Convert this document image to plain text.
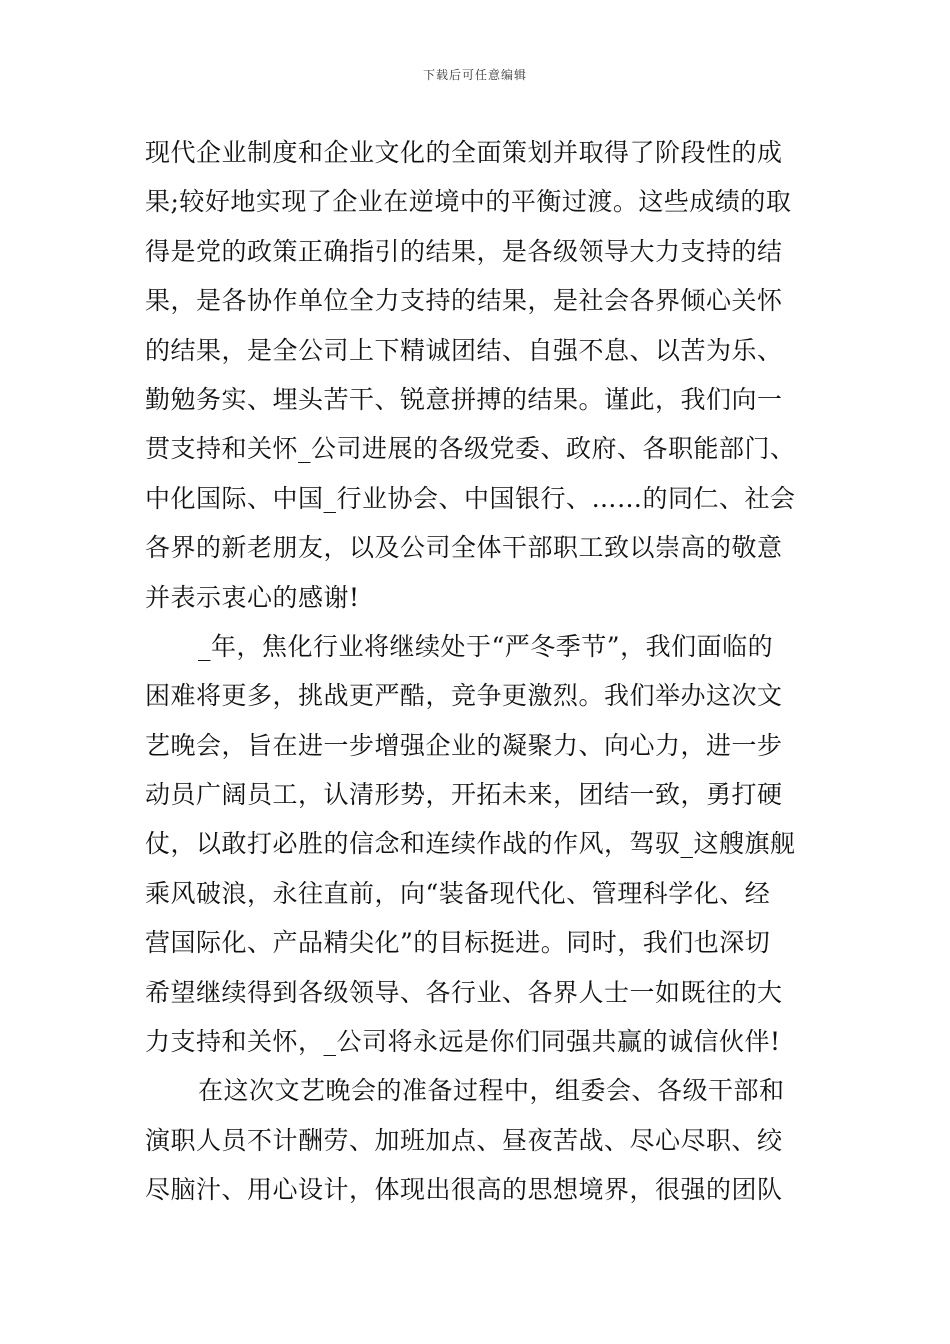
下载后可任意编辑
现代企业制度和企业文化的全面策划并取得了阶段性的成
果;较好地实现了企业在逆境中的平衡过渡。这些成绩的取
得是党的政策正确指引的结果，是各级领导大力支持的结
果，是各协作单位全力支持的结果，是社会各界倾心关怀
的结果，是全公司上下精诚团结、自强不息、以苦为乐、
勤勉务实、埋头苦干、锐意拼搏的结果。谨此，我们向一
贯支持和关怀_公司进展的各级党委、政府、各职能部门、
中化国际、中国_行业协会、中国银行、……的同仁、社会
各界的新老朋友，以及公司全体干部职工致以崇高的敬意
并表示衷心的感谢!
_年，焦化行业将继续处于“严冬季节”，我们面临的
困难将更多，挑战更严酷，竞争更激烈。我们举办这次文
艺晚会，旨在进一步增强企业的凝聚力、向心力，进一步
动员广阔员工，认清形势，开拓未来，团结一致，勇打硬
仗，以敢打必胜的信念和连续作战的作风，驾驭_这艘旗舰
乘风破浪，永往直前，向“装备现代化、管理科学化、经
营国际化、产品精尖化”的目标挺进。同时，我们也深切
希望继续得到各级领导、各行业、各界人士一如既往的大
力支持和关怀，_公司将永远是你们同强共赢的诚信伙伴!
在这次文艺晚会的准备过程中，组委会、各级干部和
演职人员不计酬劳、加班加点、昼夜苦战、尽心尽职、绞
尽脑汁、用心设计，体现出很高的思想境界，很强的团队
